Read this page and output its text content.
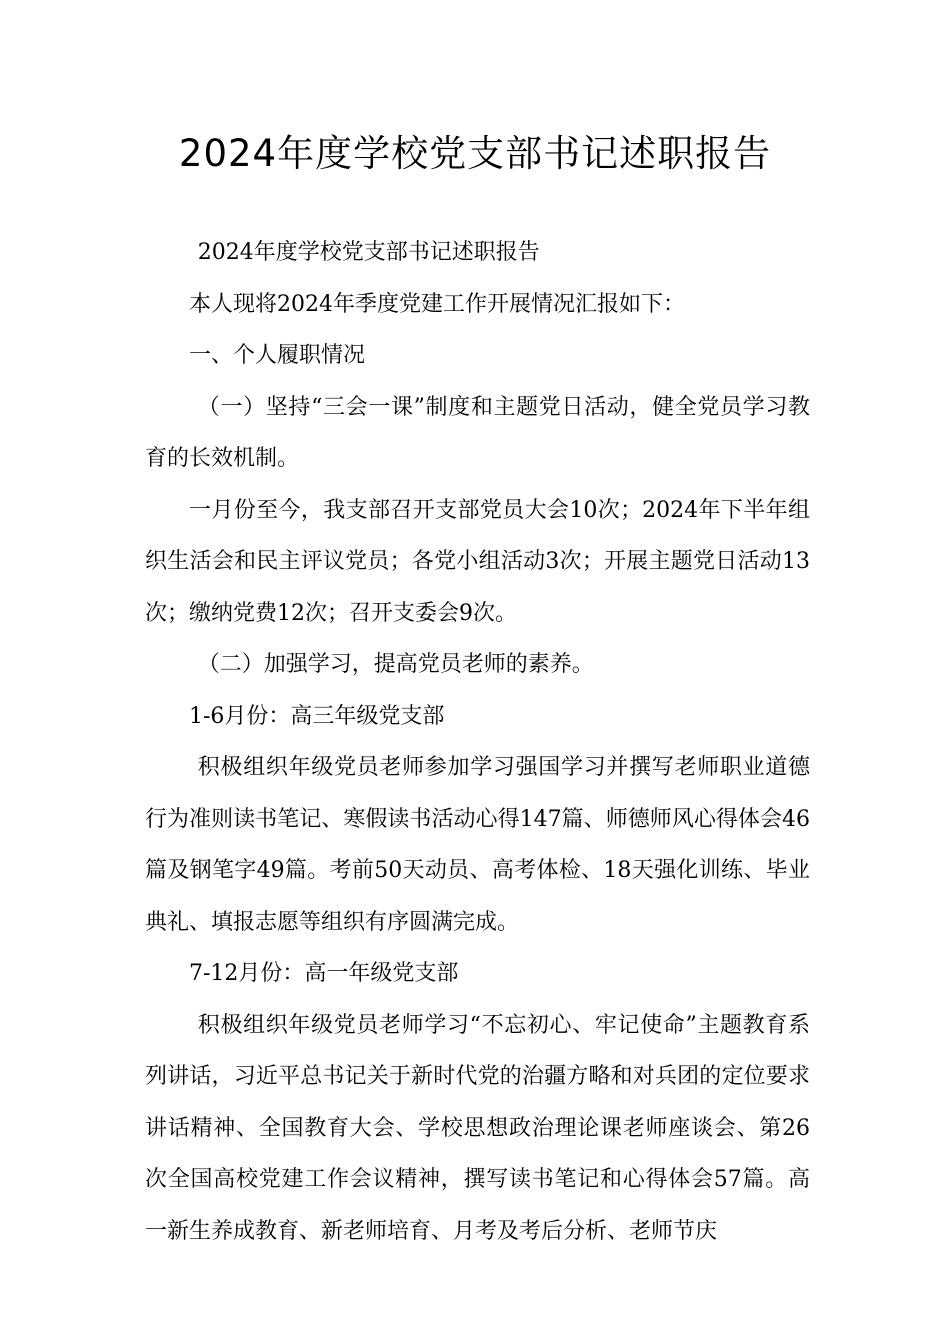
2024年度学校党支部书记述职报告

2024年度学校党支部书记述职报告

本人现将2024年季度党建工作开展情况汇报如下：

一、个人履职情况

（一）坚持“三会一课”制度和主题党日活动，健全党员学习教育的长效机制。

一月份至今，我支部召开支部党员大会10次；2024年下半年组织生活会和民主评议党员；各党小组活动3次；开展主题党日活动13次；缴纳党费12次；召开支委会9次。

（二）加强学习，提高党员老师的素养。

1-6月份：高三年级党支部

积极组织年级党员老师参加学习强国学习并撰写老师职业道德行为准则读书笔记、寒假读书活动心得147篇、师德师风心得体会46篇及钢笔字49篇。考前50天动员、高考体检、18天强化训练、毕业典礼、填报志愿等组织有序圆满完成。

7-12月份：高一年级党支部

积极组织年级党员老师学习“不忘初心、牢记使命”主题教育系列讲话，习近平总书记关于新时代党的治疆方略和对兵团的定位要求讲话精神、全国教育大会、学校思想政治理论课老师座谈会、第26次全国高校党建工作会议精神，撰写读书笔记和心得体会57篇。高一新生养成教育、新老师培育、月考及考后分析、老师节庆
